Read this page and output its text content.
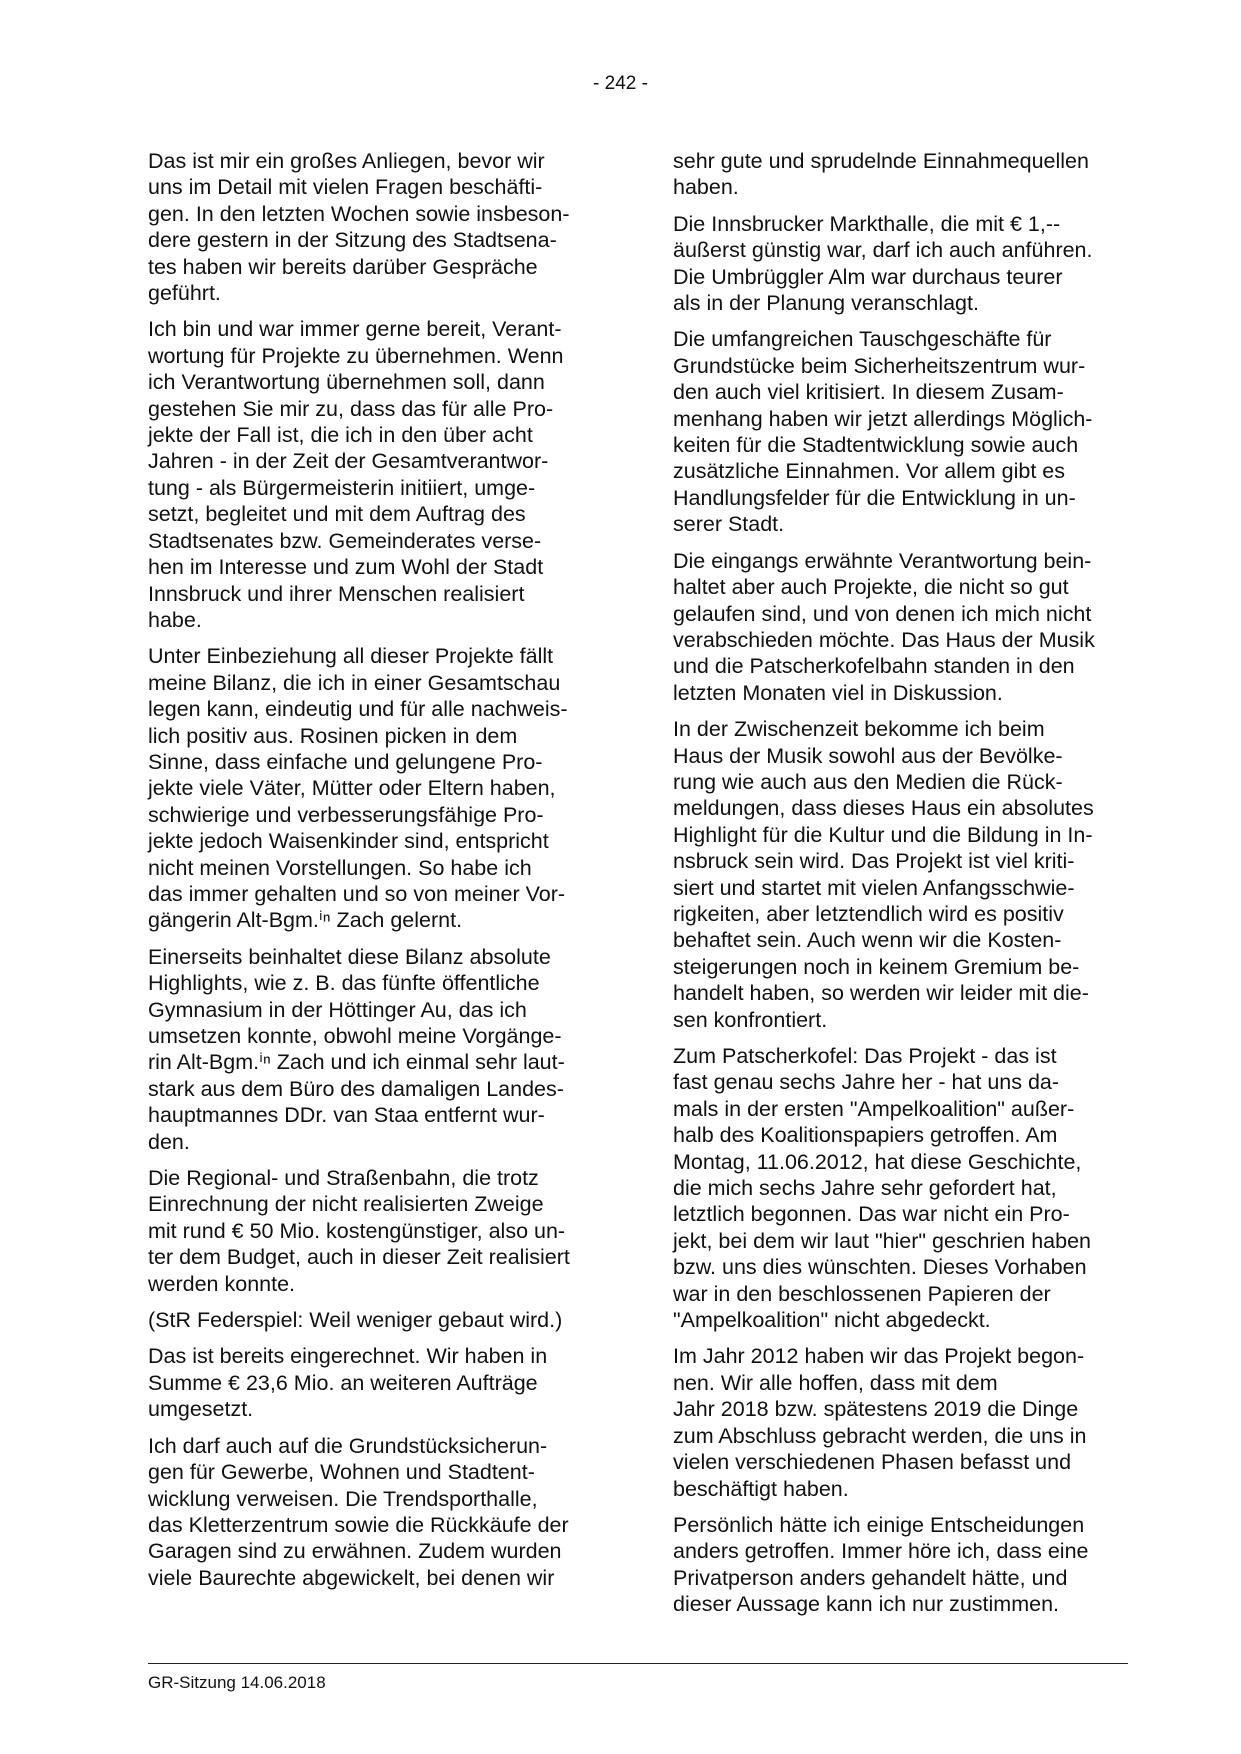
- 242 -

Das ist mir ein großes Anliegen, bevor wir
uns im Detail mit vielen Fragen beschäfti-
gen. In den letzten Wochen sowie insbeson-
dere gestern in der Sitzung des Stadtsena-
tes haben wir bereits darüber Gespräche
geführt.

Ich bin und war immer gerne bereit, Verant-
wortung für Projekte zu übernehmen. Wenn
ich Verantwortung übernehmen soll, dann
gestehen Sie mir zu, dass das für alle Pro-
jekte der Fall ist, die ich in den über acht
Jahren - in der Zeit der Gesamtverantwor-
tung - als Bürgermeisterin initiiert, umge-
setzt, begleitet und mit dem Auftrag des
Stadtsenates bzw. Gemeinderates verse-
hen im Interesse und zum Wohl der Stadt
Innsbruck und ihrer Menschen realisiert
habe.

Unter Einbeziehung all dieser Projekte fällt
meine Bilanz, die ich in einer Gesamtschau
legen kann, eindeutig und für alle nachweis-
lich positiv aus. Rosinen picken in dem
Sinne, dass einfache und gelungene Pro-
jekte viele Väter, Mütter oder Eltern haben,
schwierige und verbesserungsfähige Pro-
jekte jedoch Waisenkinder sind, entspricht
nicht meinen Vorstellungen. So habe ich
das immer gehalten und so von meiner Vor-
gängerin Alt-Bgm.ⁱⁿ Zach gelernt.

Einerseits beinhaltet diese Bilanz absolute
Highlights, wie z. B. das fünfte öffentliche
Gymnasium in der Höttinger Au, das ich
umsetzen konnte, obwohl meine Vorgänge-
rin Alt-Bgm.ⁱⁿ Zach und ich einmal sehr laut-
stark aus dem Büro des damaligen Landes-
hauptmannes DDr. van Staa entfernt wur-
den.

Die Regional- und Straßenbahn, die trotz
Einrechnung der nicht realisierten Zweige
mit rund € 50 Mio. kostengünstiger, also un-
ter dem Budget, auch in dieser Zeit realisiert
werden konnte.

(StR Federspiel: Weil weniger gebaut wird.)

Das ist bereits eingerechnet. Wir haben in
Summe € 23,6 Mio. an weiteren Aufträge
umgesetzt.

Ich darf auch auf die Grundstücksicherun-
gen für Gewerbe, Wohnen und Stadtent-
wicklung verweisen. Die Trendsporthalle,
das Kletterzentrum sowie die Rückkäufe der
Garagen sind zu erwähnen. Zudem wurden
viele Baurechte abgewickelt, bei denen wir

sehr gute und sprudelnde Einnahmequellen
haben.

Die Innsbrucker Markthalle, die mit € 1,--
äußerst günstig war, darf ich auch anführen.
Die Umbrüggler Alm war durchaus teurer
als in der Planung veranschlagt.

Die umfangreichen Tauschgeschäfte für
Grundstücke beim Sicherheitszentrum wur-
den auch viel kritisiert. In diesem Zusam-
menhang haben wir jetzt allerdings Möglich-
keiten für die Stadtentwicklung sowie auch
zusätzliche Einnahmen. Vor allem gibt es
Handlungsfelder für die Entwicklung in un-
serer Stadt.

Die eingangs erwähnte Verantwortung bein-
haltet aber auch Projekte, die nicht so gut
gelaufen sind, und von denen ich mich nicht
verabschieden möchte. Das Haus der Musik
und die Patscherkofelbahn standen in den
letzten Monaten viel in Diskussion.

In der Zwischenzeit bekomme ich beim
Haus der Musik sowohl aus der Bevölke-
rung wie auch aus den Medien die Rück-
meldungen, dass dieses Haus ein absolutes
Highlight für die Kultur und die Bildung in In-
nsbruck sein wird. Das Projekt ist viel kriti-
siert und startet mit vielen Anfangsschwie-
rigkeiten, aber letztendlich wird es positiv
behaftet sein. Auch wenn wir die Kosten-
steigerungen noch in keinem Gremium be-
handelt haben, so werden wir leider mit die-
sen konfrontiert.

Zum Patscherkofel: Das Projekt - das ist
fast genau sechs Jahre her - hat uns da-
mals in der ersten "Ampelkoalition" außer-
halb des Koalitionspapiers getroffen. Am
Montag, 11.06.2012, hat diese Geschichte,
die mich sechs Jahre sehr gefordert hat,
letztlich begonnen. Das war nicht ein Pro-
jekt, bei dem wir laut "hier" geschrien haben
bzw. uns dies wünschten. Dieses Vorhaben
war in den beschlossenen Papieren der
"Ampelkoalition" nicht abgedeckt.

Im Jahr 2012 haben wir das Projekt begon-
nen. Wir alle hoffen, dass mit dem
Jahr 2018 bzw. spätestens 2019 die Dinge
zum Abschluss gebracht werden, die uns in
vielen verschiedenen Phasen befasst und
beschäftigt haben.

Persönlich hätte ich einige Entscheidungen
anders getroffen. Immer höre ich, dass eine
Privatperson anders gehandelt hätte, und
dieser Aussage kann ich nur zustimmen.

GR-Sitzung 14.06.2018
